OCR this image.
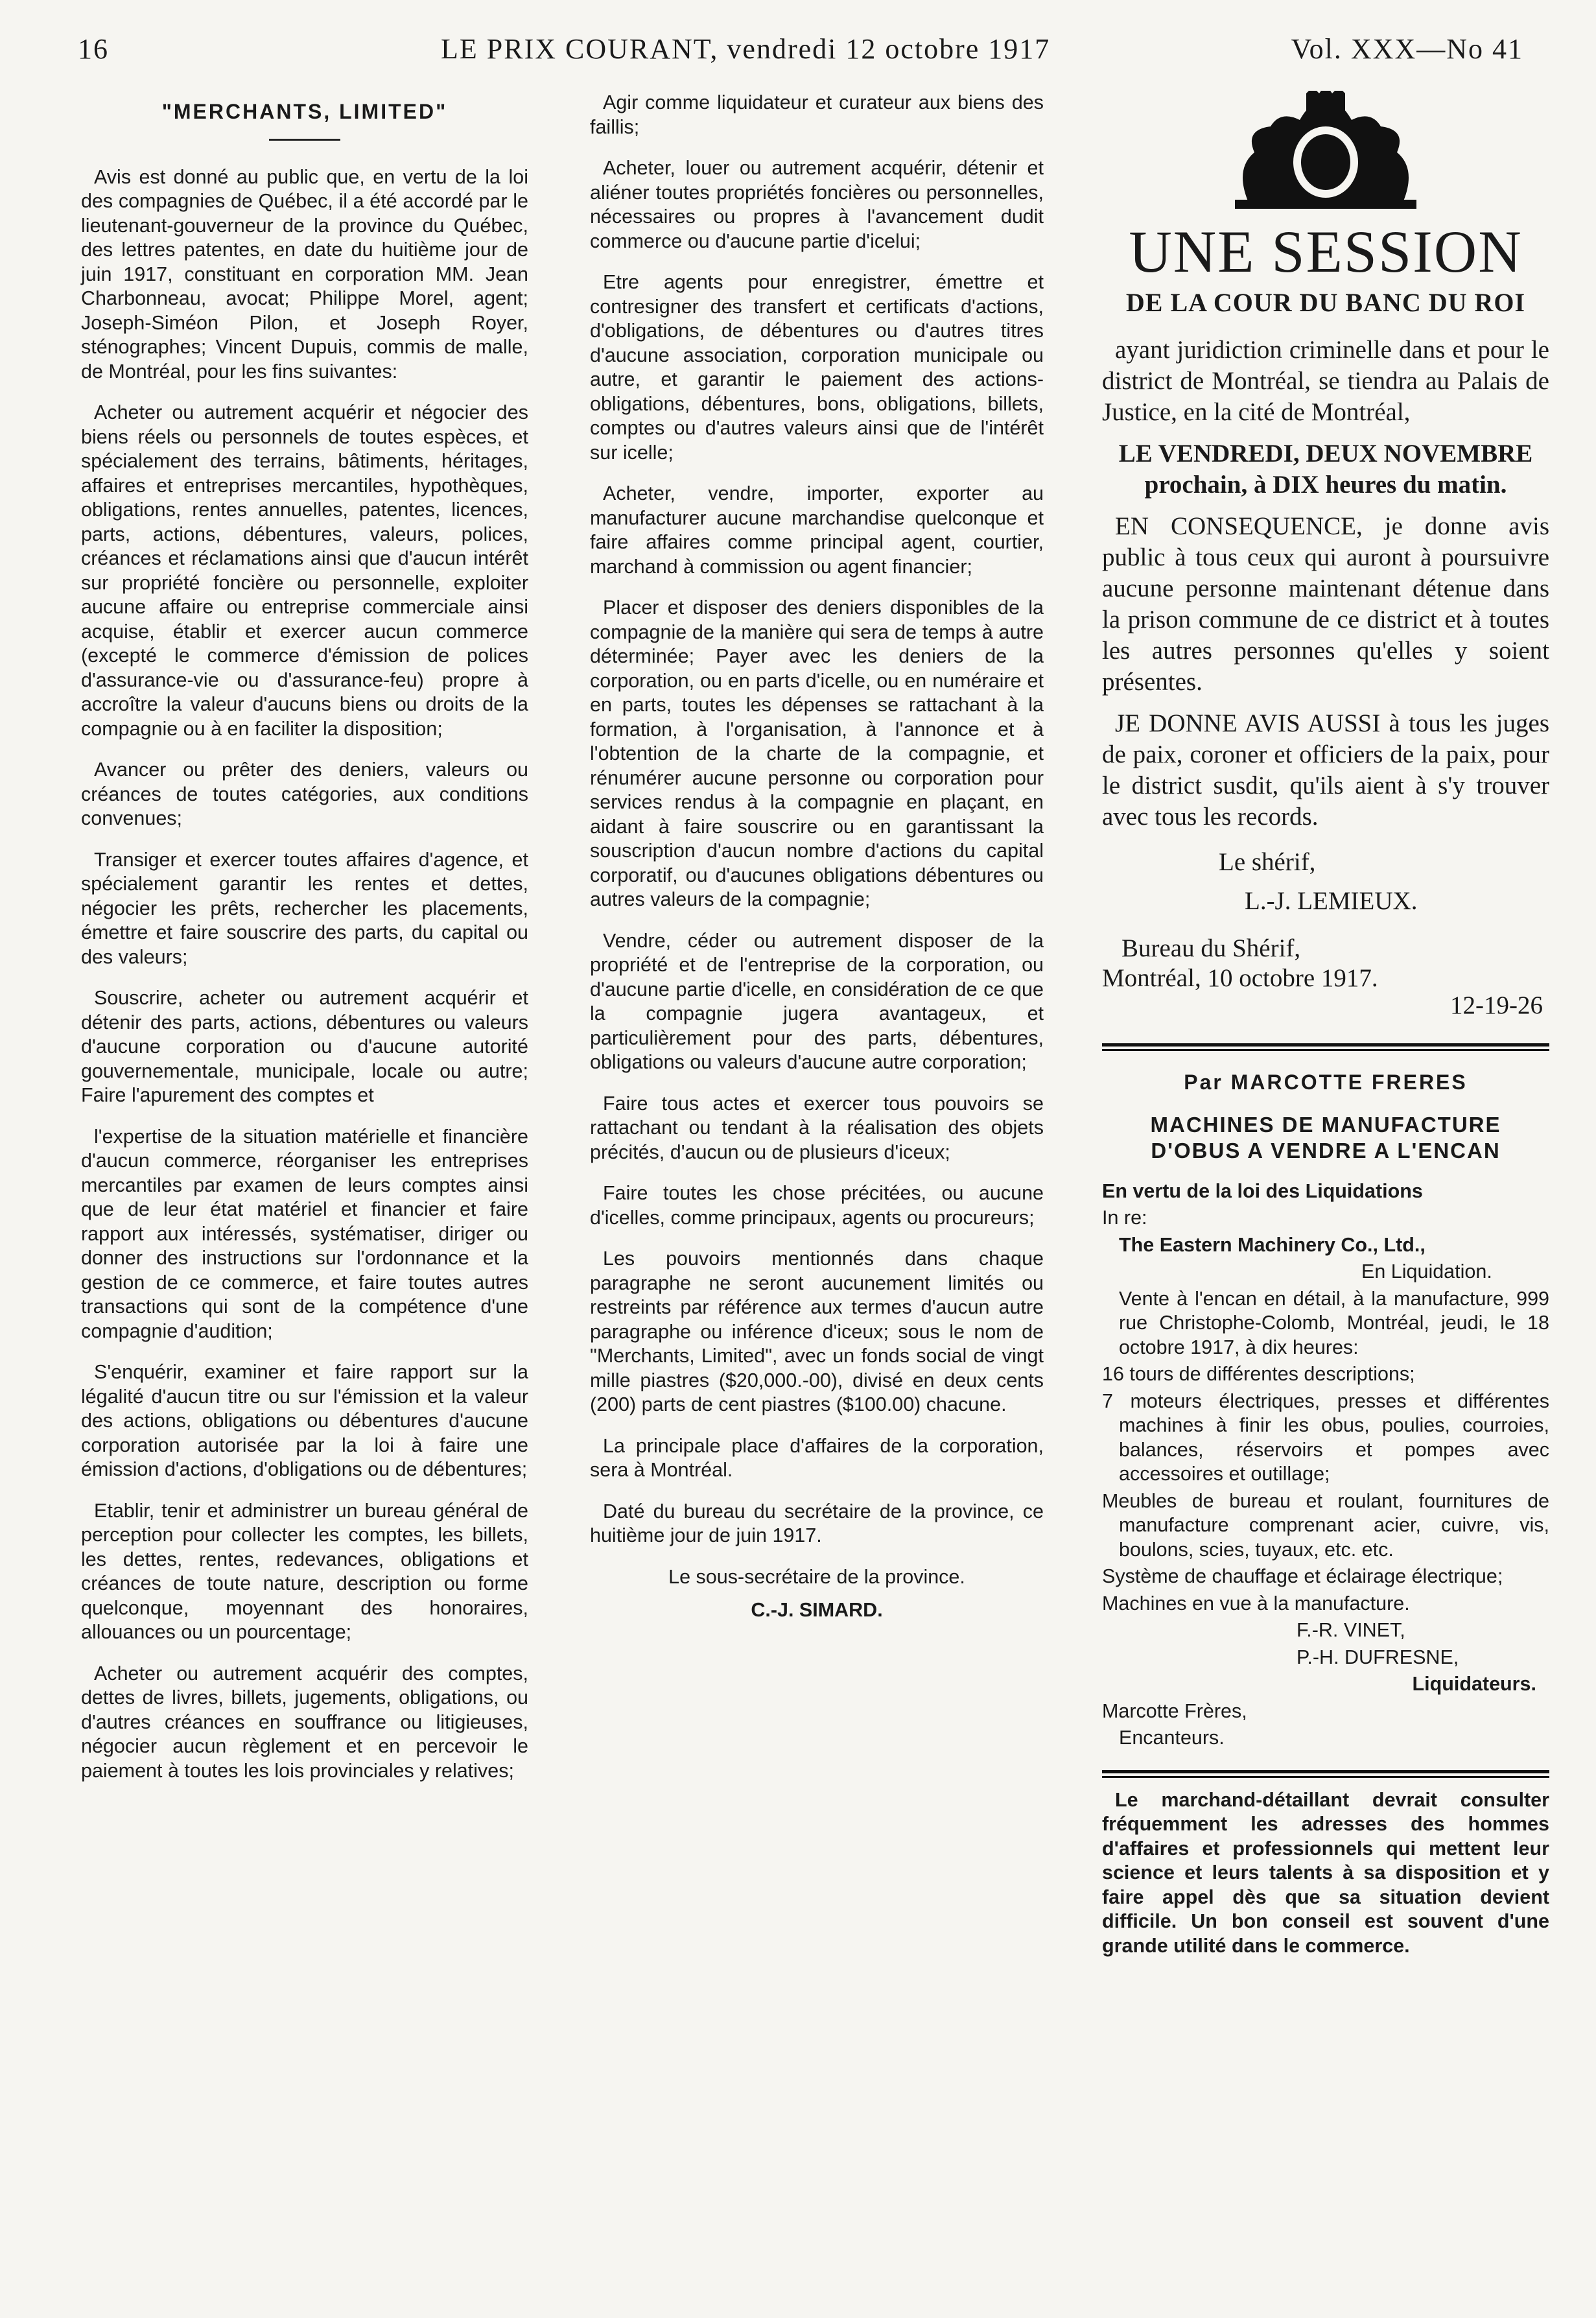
16	LE PRIX COURANT, vendredi 12 octobre 1917	Vol. XXX—No 41
"MERCHANTS, LIMITED"

Avis est donné au public que, en vertu de la loi des compagnies de Québec, il a été accordé par le lieutenant-gouverneur de la province du Québec, des lettres patentes, en date du huitième jour de juin 1917, constituant en corporation MM. Jean Charbonneau, avocat; Philippe Morel, agent; Joseph-Siméon Pilon, et Joseph Royer, sténographes; Vincent Dupuis, commis de malle, de Montréal, pour les fins suivantes:

Acheter ou autrement acquérir et négocier des biens réels ou personnels de toutes espèces, et spécialement des terrains, bâtiments, héritages, affaires et entreprises mercantiles, hypothèques, obligations, rentes annuelles, patentes, licences, parts, actions, débentures, valeurs, polices, créances et réclamations ainsi que d'aucun intérêt sur propriété foncière ou personnelle, exploiter aucune affaire ou entreprise commerciale ainsi acquise, établir et exercer aucun commerce (excepté le commerce d'émission de polices d'assurance-vie ou d'assurance-feu) propre à accroître la valeur d'aucuns biens ou droits de la compagnie ou à en faciliter la disposition;

Avancer ou prêter des deniers, valeurs ou créances de toutes catégories, aux conditions convenues;

Transiger et exercer toutes affaires d'agence, et spécialement garantir les rentes et dettes, négocier les prêts, rechercher les placements, émettre et faire souscrire des parts, du capital ou des valeurs;

Souscrire, acheter ou autrement acquérir et détenir des parts, actions, débentures ou valeurs d'aucune corporation ou d'aucune autorité gouvernementale, municipale, locale ou autre; Faire l'apurement des comptes et

l'expertise de la situation matérielle et financière d'aucun commerce, réorganiser les entreprises mercantiles par examen de leurs comptes ainsi que de leur état matériel et financier et faire rapport aux intéressés, systématiser, diriger ou donner des instructions sur l'ordonnance et la gestion de ce commerce, et faire toutes autres transactions qui sont de la compétence d'une compagnie d'audition;

S'enquérir, examiner et faire rapport sur la légalité d'aucun titre ou sur l'émission et la valeur des actions, obligations ou débentures d'aucune corporation autorisée par la loi à faire une émission d'actions, d'obligations ou de débentures;

Etablir, tenir et administrer un bureau général de perception pour collecter les comptes, les billets, les dettes, rentes, redevances, obligations et créances de toute nature, description ou forme quelconque, moyennant des honoraires, allouances ou un pourcentage;

Acheter ou autrement acquérir des comptes, dettes de livres, billets, jugements, obligations, ou d'autres créances en souffrance ou litigieuses, négocier aucun règlement et en percevoir le paiement à toutes les lois provinciales y relatives;

Agir comme liquidateur et curateur aux biens des faillis;

Acheter, louer ou autrement acquérir, détenir et aliéner toutes propriétés foncières ou personnelles, nécessaires ou propres à l'avancement dudit commerce ou d'aucune partie d'icelui;

Etre agents pour enregistrer, émettre et contresigner des transfert et certificats d'actions, d'obligations, de débentures ou d'autres titres d'aucune association, corporation municipale ou autre, et garantir le paiement des actions-obligations, débentures, bons, obligations, billets, comptes ou d'autres valeurs ainsi que de l'intérêt sur icelle;

Acheter, vendre, importer, exporter au manufacturer aucune marchandise quelconque et faire affaires comme principal agent, courtier, marchand à commission ou agent financier;

Placer et disposer des deniers disponibles de la compagnie de la manière qui sera de temps à autre déterminée; Payer avec les deniers de la corporation, ou en parts d'icelle, ou en numéraire et en parts, toutes les dépenses se rattachant à la formation, à l'organisation, à l'annonce et à l'obtention de la charte de la compagnie, et rénumérer aucune personne ou corporation pour services rendus à la compagnie en plaçant, en aidant à faire souscrire ou en garantissant la souscription d'aucun nombre d'actions du capital corporatif, ou d'aucunes obligations débentures ou autres valeurs de la compagnie;

Vendre, céder ou autrement disposer de la propriété et de l'entreprise de la corporation, ou d'aucune partie d'icelle, en considération de ce que la compagnie jugera avantageux, et particulièrement pour des parts, débentures, obligations ou valeurs d'aucune autre corporation;

Faire tous actes et exercer tous pouvoirs se rattachant ou tendant à la réalisation des objets précités, d'aucun ou de plusieurs d'iceux;

Faire toutes les chose précitées, ou aucune d'icelles, comme principaux, agents ou procureurs;

Les pouvoirs mentionnés dans chaque paragraphe ne seront aucunement limités ou restreints par référence aux termes d'aucun autre paragraphe ou inférence d'iceux; sous le nom de "Merchants, Limited", avec un fonds social de vingt mille piastres ($20,000.-00), divisé en deux cents (200) parts de cent piastres ($100.00) chacune.

La principale place d'affaires de la corporation, sera à Montréal.

Daté du bureau du secrétaire de la province, ce huitième jour de juin 1917.

Le sous-secrétaire de la province.
C.-J. SIMARD.
UNE SESSION
DE LA COUR DU BANC DU ROI

ayant juridiction criminelle dans et pour le district de Montréal, se tiendra au Palais de Justice, en la cité de Montréal,

LE VENDREDI, DEUX NOVEMBRE prochain, à DIX heures du matin.

EN CONSEQUENCE, je donne avis public à tous ceux qui auront à poursuivre aucune personne maintenant détenue dans la prison commune de ce district et à toutes les autres personnes qu'elles y soient présentes.

JE DONNE AVIS AUSSI à tous les juges de paix, coroner et officiers de la paix, pour le district susdit, qu'ils aient à s'y trouver avec tous les records.

Le shérif,
L.-J. LEMIEUX.
Bureau du Shérif,
Montréal, 10 octobre 1917.
12-19-26
Par MARCOTTE FRERES
MACHINES DE MANUFACTURE
D'OBUS A VENDRE A L'ENCAN

En vertu de la loi des Liquidations

In re:

The Eastern Machinery Co., Ltd.,

En Liquidation.

Vente à l'encan en détail, à la manufacture, 999 rue Christophe-Colomb, Montréal, jeudi, le 18 octobre 1917, à dix heures:

16 tours de différentes descriptions;

7 moteurs électriques, presses et différentes machines à finir les obus, poulies, courroies, balances, réservoirs et pompes avec accessoires et outillage;

Meubles de bureau et roulant, fournitures de manufacture comprenant acier, cuivre, vis, boulons, scies, tuyaux, etc. etc.

Système de chauffage et éclairage électrique;

Machines en vue à la manufacture.

F.-R. VINET,

P.-H. DUFRESNE,

Liquidateurs.

Marcotte Frères,

Encanteurs.

Le marchand-détaillant devrait consulter fréquemment les adresses des hommes d'affaires et professionnels qui mettent leur science et leurs talents à sa disposition et y faire appel dès que sa situation devient difficile. Un bon conseil est souvent d'une grande utilité dans le commerce.
